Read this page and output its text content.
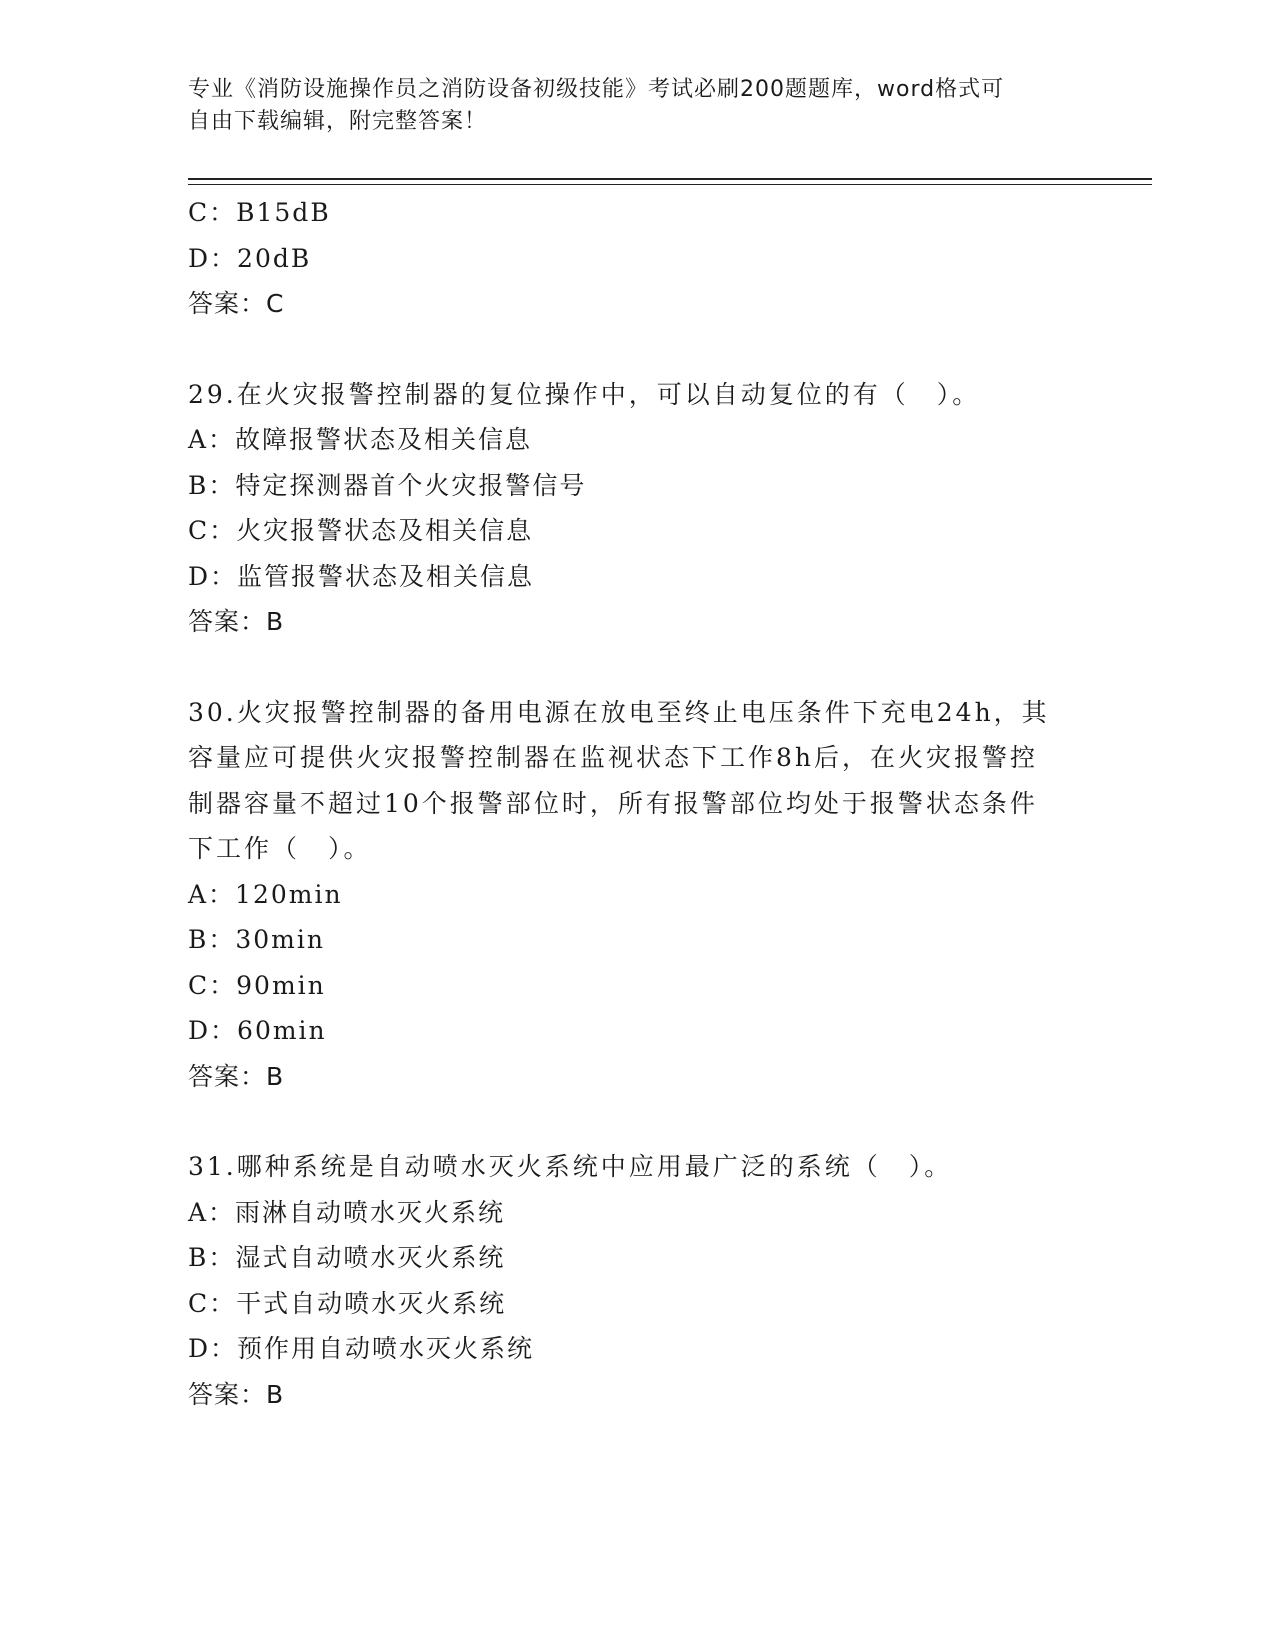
专业《消防设施操作员之消防设备初级技能》考试必刷200题题库，word格式可
自由下载编辑，附完整答案！
C：B15dB
D：20dB
答案：C
29.在火灾报警控制器的复位操作中，可以自动复位的有（　）。
A：故障报警状态及相关信息
B：特定探测器首个火灾报警信号
C：火灾报警状态及相关信息
D：监管报警状态及相关信息
答案：B
30.火灾报警控制器的备用电源在放电至终止电压条件下充电24h，其
容量应可提供火灾报警控制器在监视状态下工作8h后，在火灾报警控
制器容量不超过10个报警部位时，所有报警部位均处于报警状态条件
下工作（　）。
A：120min
B：30min
C：90min
D：60min
答案：B
31.哪种系统是自动喷水灭火系统中应用最广泛的系统（　）。
A：雨淋自动喷水灭火系统
B：湿式自动喷水灭火系统
C：干式自动喷水灭火系统
D：预作用自动喷水灭火系统
答案：B
